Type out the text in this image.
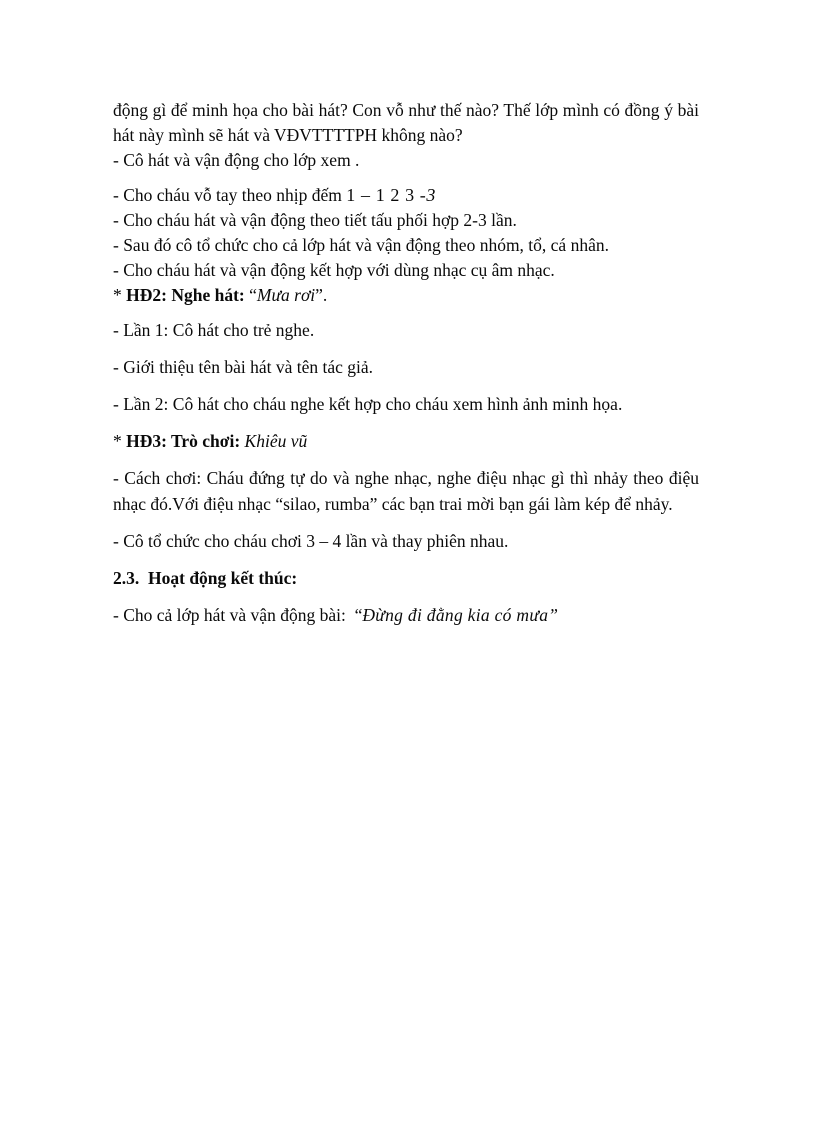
động gì để minh họa cho bài hát? Con vỗ như thế nào? Thế lớp mình có đồng ý bài hát này mình sẽ hát và VĐVTTTTPH không nào?

- Cô hát và vận động cho lớp xem .

- Cho cháu vỗ tay theo nhịp đếm 1 – 1 2 3 -3

- Cho cháu hát và vận động theo tiết tấu phối hợp 2-3 lần.

- Sau đó cô tổ chức cho cả lớp hát và vận động theo nhóm, tổ, cá nhân.

- Cho cháu hát và vận động kết hợp với dùng nhạc cụ âm nhạc.

* HĐ2: Nghe hát: “Mưa rơi”.

- Lần 1: Cô hát cho trẻ nghe.

- Giới thiệu tên bài hát và tên tác giả.

- Lần 2: Cô hát cho cháu nghe kết hợp cho cháu xem hình ảnh minh họa.

* HĐ3: Trò chơi: Khiêu vũ

- Cách chơi: Cháu đứng tự do và nghe nhạc, nghe điệu nhạc gì thì nhảy theo điệu nhạc đó.Với điệu nhạc “silao, rumba” các bạn trai mời bạn gái làm kép để nhảy.

- Cô tổ chức cho cháu chơi 3 – 4 lần và thay phiên nhau.

2.3. Hoạt động kết thúc:

- Cho cả lớp hát và vận động bài: “Đừng đi đằng kia có mưa”
